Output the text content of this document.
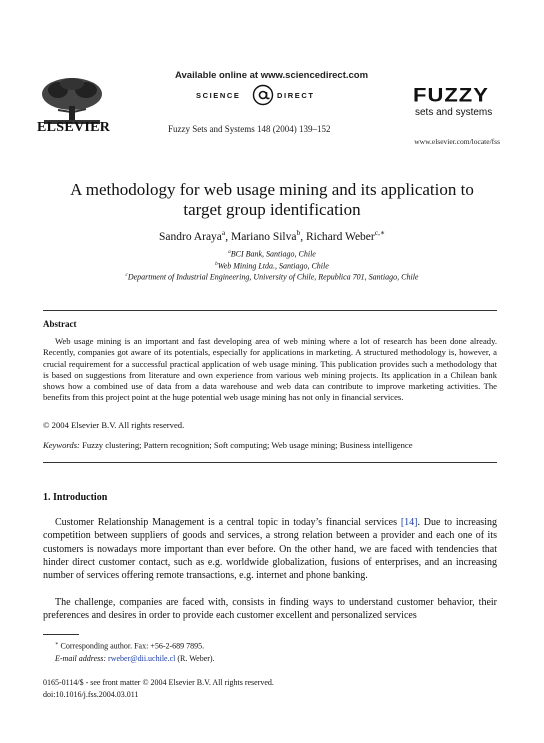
ELSEVIER
Available online at www.sciencedirect.com
SCIENCE	DIRECT
Fuzzy Sets and Systems 148 (2004) 139–152
FUZZY
sets and systems
www.elsevier.com/locate/fss
A methodology for web usage mining and its application to
target group identification
Sandro Araya$^a$, Mariano Silva$^b$, Richard Weber$^{c,∗}$
$^a$BCI Bank, Santiago, Chile
$^b$Web Mining Ltda., Santiago, Chile
$^c$Department of Industrial Engineering, University of Chile, Republica 701, Santiago, Chile
Abstract
Web usage mining is an important and fast developing area of web mining where a lot of research has been done already. Recently, companies got aware of its potentials, especially for applications in marketing. A structured methodology is, however, a crucial requirement for a successful practical application of web usage mining. This publication provides such a methodology that is based on suggestions from literature and own experience from various web mining projects. Its application in a Chilean bank shows how a combined use of data from a data warehouse and web data can contribute to improve marketing activities. The benefits from this project point at the huge potential web usage mining has not only in financial services.
© 2004 Elsevier B.V. All rights reserved.
Keywords: Fuzzy clustering; Pattern recognition; Soft computing; Web usage mining; Business intelligence
1. Introduction
Customer Relationship Management is a central topic in today’s financial services [14]. Due to increasing competition between suppliers of goods and services, a strong relation between a provider and each one of its customers is nowadays more important than ever before. On the other hand, we are faced with tendencies that hinder direct customer contact, such as e.g. worldwide globalization, fusions of enterprises, and an increasing number of services offering remote transactions, e.g. internet and phone banking.
The challenge, companies are faced with, consists in finding ways to understand customer behavior, their preferences and desires in order to provide each customer excellent and personalized services
∗ Corresponding author. Fax: +56-2-689 7895.
E-mail address: rweber@dii.uchile.cl (R. Weber).
0165-0114/$ - see front matter © 2004 Elsevier B.V. All rights reserved.
doi:10.1016/j.fss.2004.03.011
